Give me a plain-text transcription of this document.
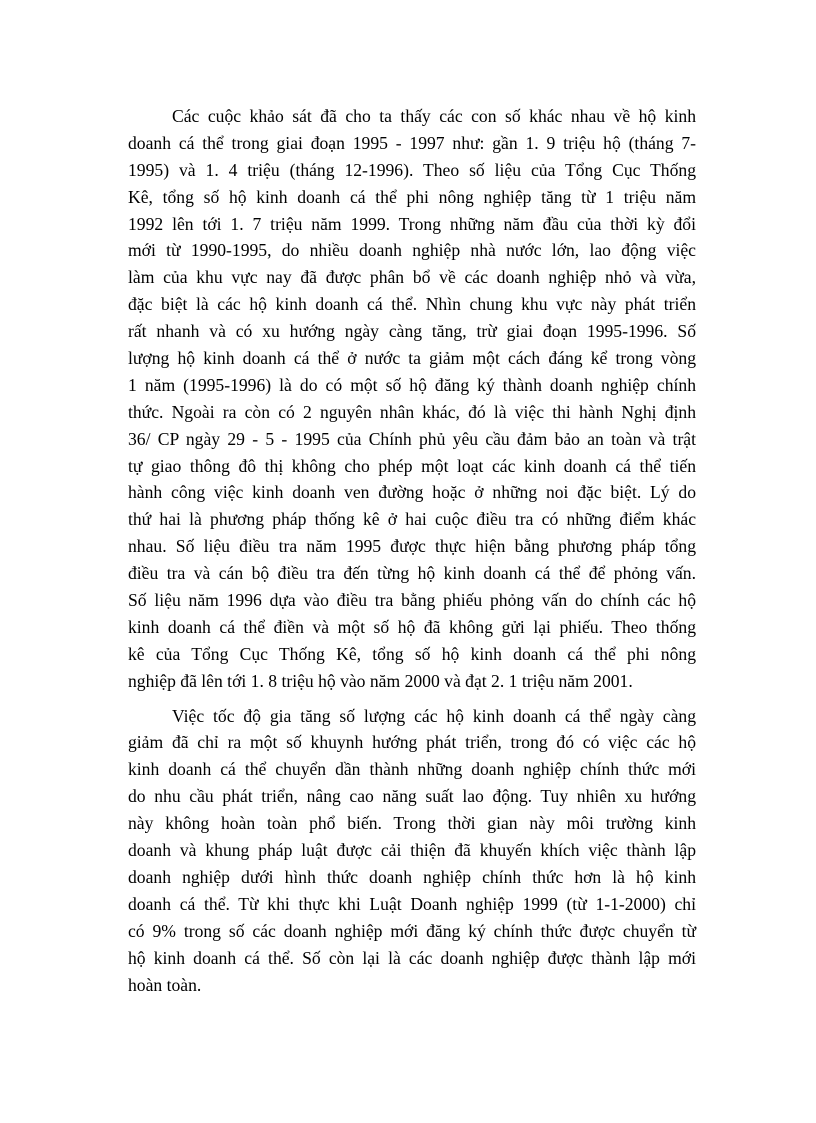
Các cuộc khảo sát đã cho ta thấy các con số khác nhau về hộ kinh
doanh cá thể trong giai đoạn 1995 - 1997 như: gần 1. 9 triệu hộ (tháng 7-
1995) và 1. 4 triệu (tháng 12-1996). Theo số liệu của Tổng Cục Thống
Kê, tổng số hộ kinh doanh cá thể phi nông nghiệp tăng từ 1 triệu năm
1992 lên tới 1. 7 triệu năm 1999. Trong những năm đầu của thời kỳ đổi
mới từ 1990-1995, do nhiều doanh nghiệp nhà nước lớn, lao động việc
làm của khu vực nay đã được phân bổ về các doanh nghiệp nhỏ và vừa,
đặc biệt là các hộ kinh doanh cá thể. Nhìn chung khu vực này phát triển
rất nhanh và có xu hướng ngày càng tăng, trừ giai đoạn 1995-1996. Số
lượng hộ kinh doanh cá thể ở nước ta giảm một cách đáng kể trong vòng
1 năm (1995-1996) là do có một số hộ đăng ký thành doanh nghiệp chính
thức. Ngoài ra còn có 2 nguyên nhân khác, đó là việc thi hành Nghị định
36/ CP ngày 29 - 5 - 1995 của Chính phủ yêu cầu đảm bảo an toàn và trật
tự giao thông đô thị không cho phép một loạt các kinh doanh cá thể tiến
hành công việc kinh doanh ven đường hoặc ở những noi đặc biệt. Lý do
thứ hai là phương pháp thống kê ở hai cuộc điều tra có những điểm khác
nhau. Số liệu điều tra năm 1995 được thực hiện bằng phương pháp tổng
điều tra và cán bộ điều tra đến từng hộ kinh doanh cá thể để phỏng vấn.
Số liệu năm 1996 dựa vào điều tra bằng phiếu phỏng vấn do chính các hộ
kinh doanh cá thể điền và một số hộ đã không gửi lại phiếu. Theo thống
kê của Tổng Cục Thống Kê, tổng số hộ kinh doanh cá thể phi nông
nghiệp đã lên tới 1. 8 triệu hộ vào năm 2000 và đạt 2. 1 triệu năm 2001.
Việc tốc độ gia tăng số lượng các hộ kinh doanh cá thể ngày càng
giảm đã chỉ ra một số khuynh hướng phát triển, trong đó có việc các hộ
kinh doanh cá thể chuyển dần thành những doanh nghiệp chính thức mới
do nhu cầu phát triển, nâng cao năng suất lao động. Tuy nhiên xu hướng
này không hoàn toàn phổ biến. Trong thời gian này môi trường kinh
doanh và khung pháp luật được cải thiện đã khuyến khích việc thành lập
doanh nghiệp dưới hình thức doanh nghiệp chính thức hơn là hộ kinh
doanh cá thể. Từ khi thực khi Luật Doanh nghiệp 1999 (từ 1-1-2000) chỉ
có 9% trong số các doanh nghiệp mới đăng ký chính thức được chuyển từ
hộ kinh doanh cá thể. Số còn lại là các doanh nghiệp được thành lập mới
hoàn toàn.
